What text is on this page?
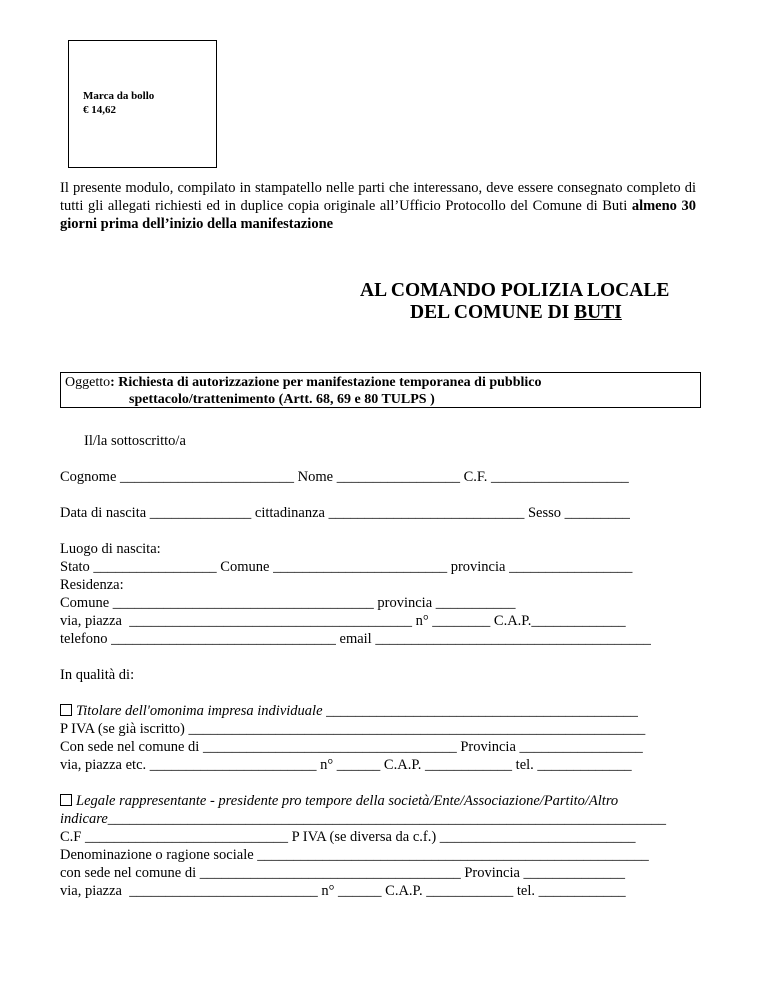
Marca da bollo
€ 14,62
Il presente modulo, compilato in stampatello nelle parti che interessano, deve essere consegnato completo di tutti gli allegati richiesti ed in duplice copia originale all’Ufficio Protocollo del Comune di Buti almeno 30 giorni prima dell’inizio della manifestazione
AL COMANDO POLIZIA LOCALE
DEL COMUNE DI BUTI
Oggetto: Richiesta di autorizzazione per manifestazione temporanea di pubblico
spettacolo/trattenimento (Artt. 68, 69 e 80 TULPS )
Il/la sottoscritto/a
Cognome ________________________ Nome _________________ C.F. ___________________
Data di nascita ______________ cittadinanza ___________________________ Sesso _________
Luogo di nascita:
Stato _________________ Comune ________________________ provincia _________________
Residenza:
Comune ____________________________________ provincia ___________
via, piazza  _______________________________________ n° ________ C.A.P._____________
telefono _______________________________ email ______________________________________
In qualità di:
Titolare dell'omonima impresa individuale ___________________________________________
P IVA (se già iscritto) _______________________________________________________________
Con sede nel comune di ___________________________________ Provincia _________________
via, piazza etc. _______________________ n° ______ C.A.P. ____________ tel. _____________
Legale rappresentante - presidente pro tempore della società/Ente/Associazione/Partito/Altro
indicare_____________________________________________________________________________
C.F ____________________________ P IVA (se diversa da c.f.) ___________________________
Denominazione o ragione sociale ______________________________________________________
con sede nel comune di ____________________________________ Provincia ______________
via, piazza  __________________________ n° ______ C.A.P. ____________ tel. ____________
